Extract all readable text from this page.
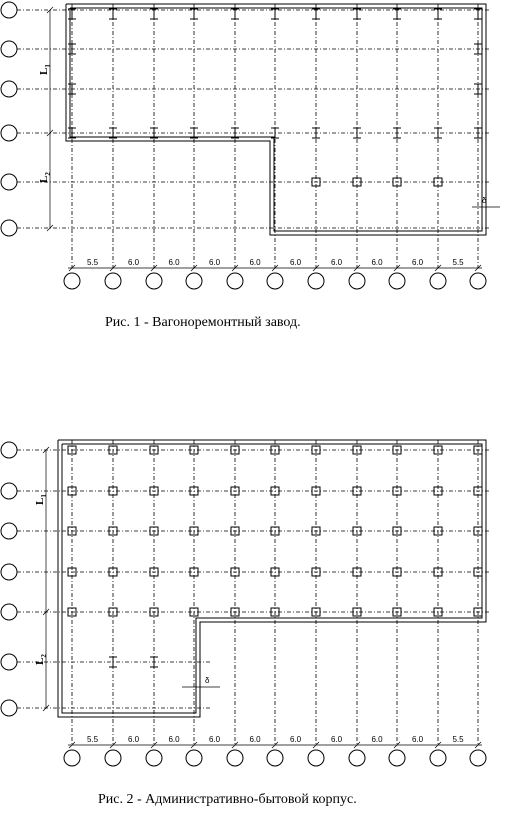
$L_1$
$L_2$
5.5	6.0	6.0	6.0	6.0	6.0	6.0	6.0	6.0	5.5
δ
$L_1$
$L_2$
5.5	6.0	6.0	6.0	6.0	6.0	6.0	6.0	6.0	5.5
δ
Рис. 1 - Вагоноремонтный завод.
Рис. 2 - Административно-бытовой корпус.
